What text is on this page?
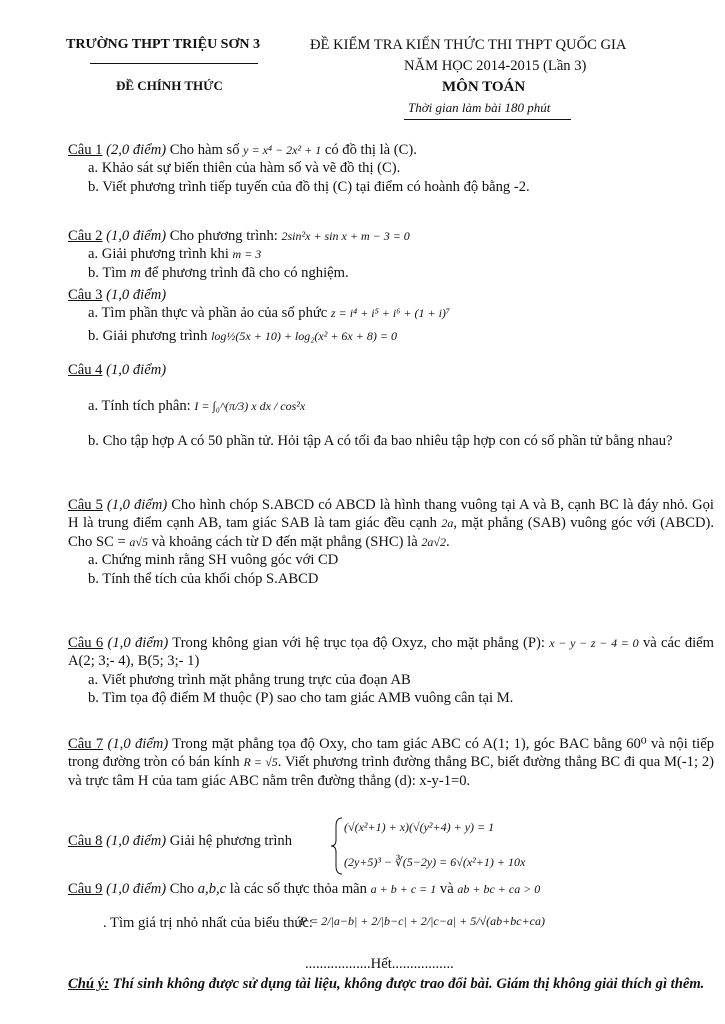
TRƯỜNG THPT TRIỆU SƠN 3
ĐỀ CHÍNH THỨC
ĐỀ KIỂM TRA KIẾN THỨC THI THPT QUỐC GIA
NĂM HỌC 2014-2015 (Lần 3)
MÔN TOÁN
Thời gian làm bài 180 phút
Câu 1 (2,0 điểm) Cho hàm số y = x⁴ − 2x² + 1 có đồ thị là (C).
a. Khảo sát sự biến thiên của hàm số và vẽ đồ thị (C).
b. Viết phương trình tiếp tuyến của đồ thị (C) tại điểm có hoành độ bằng -2.
Câu 2 (1,0 điểm) Cho phương trình: 2sin²x + sin x + m − 3 = 0
a. Giải phương trình khi m = 3
b. Tìm m để phương trình đã cho có nghiệm.
Câu 3 (1,0 điểm)
a. Tìm phần thực và phần ảo của số phức z = i⁴ + i⁵ + i⁶ + (1 + i)⁷
b. Giải phương trình log½(5x + 10) + log₂(x² + 6x + 8) = 0
Câu 4 (1,0 điểm)
a. Tính tích phân: I = ∫₀^(π/3) x dx / cos²x
b. Cho tập hợp A có 50 phần tử. Hỏi tập A có tối đa bao nhiêu tập hợp con có số phần tử bằng nhau?
Câu 5 (1,0 điểm) Cho hình chóp S.ABCD có ABCD là hình thang vuông tại A và B, cạnh BC là đáy nhỏ. Gọi H là trung điểm cạnh AB, tam giác SAB là tam giác đều cạnh 2a, mặt phẳng (SAB) vuông góc với (ABCD). Cho SC = a√5 và khoảng cách từ D đến mặt phẳng (SHC) là 2a√2.
a. Chứng minh rằng SH vuông góc với CD
b. Tính thể tích của khối chóp S.ABCD
Câu 6 (1,0 điểm) Trong không gian với hệ trục tọa độ Oxyz, cho mặt phẳng (P): x − y − z − 4 = 0 và các điểm A(2; 3;- 4), B(5; 3;- 1)
a. Viết phương trình mặt phẳng trung trực của đoạn AB
b. Tìm tọa độ điểm M thuộc (P) sao cho tam giác AMB vuông cân tại M.
Câu 7 (1,0 điểm) Trong mặt phẳng tọa độ Oxy, cho tam giác ABC có A(1; 1), góc BAC bằng 60⁰ và nội tiếp trong đường tròn có bán kính R = √5. Viết phương trình đường thẳng BC, biết đường thẳng BC đi qua M(-1; 2) và trực tâm H của tam giác ABC nằm trên đường thẳng (d): x-y-1=0.
Câu 8 (1,0 điểm) Giải hệ phương trình
(√(x²+1) + x)(√(y²+4) + y) = 1
(2y+5)³ − ∛(5−2y) = 6√(x²+1) + 10x
Câu 9 (1,0 điểm) Cho a,b,c là các số thực thỏa mãn a + b + c = 1 và ab + bc + ca > 0
. Tìm giá trị nhỏ nhất của biểu thức:
P = 2/|a−b| + 2/|b−c| + 2/|c−a| + 5/√(ab+bc+ca)
..................Hết.................
Chú ý: Thí sinh không được sử dụng tài liệu, không được trao đổi bài. Giám thị không giải thích gì thêm.
